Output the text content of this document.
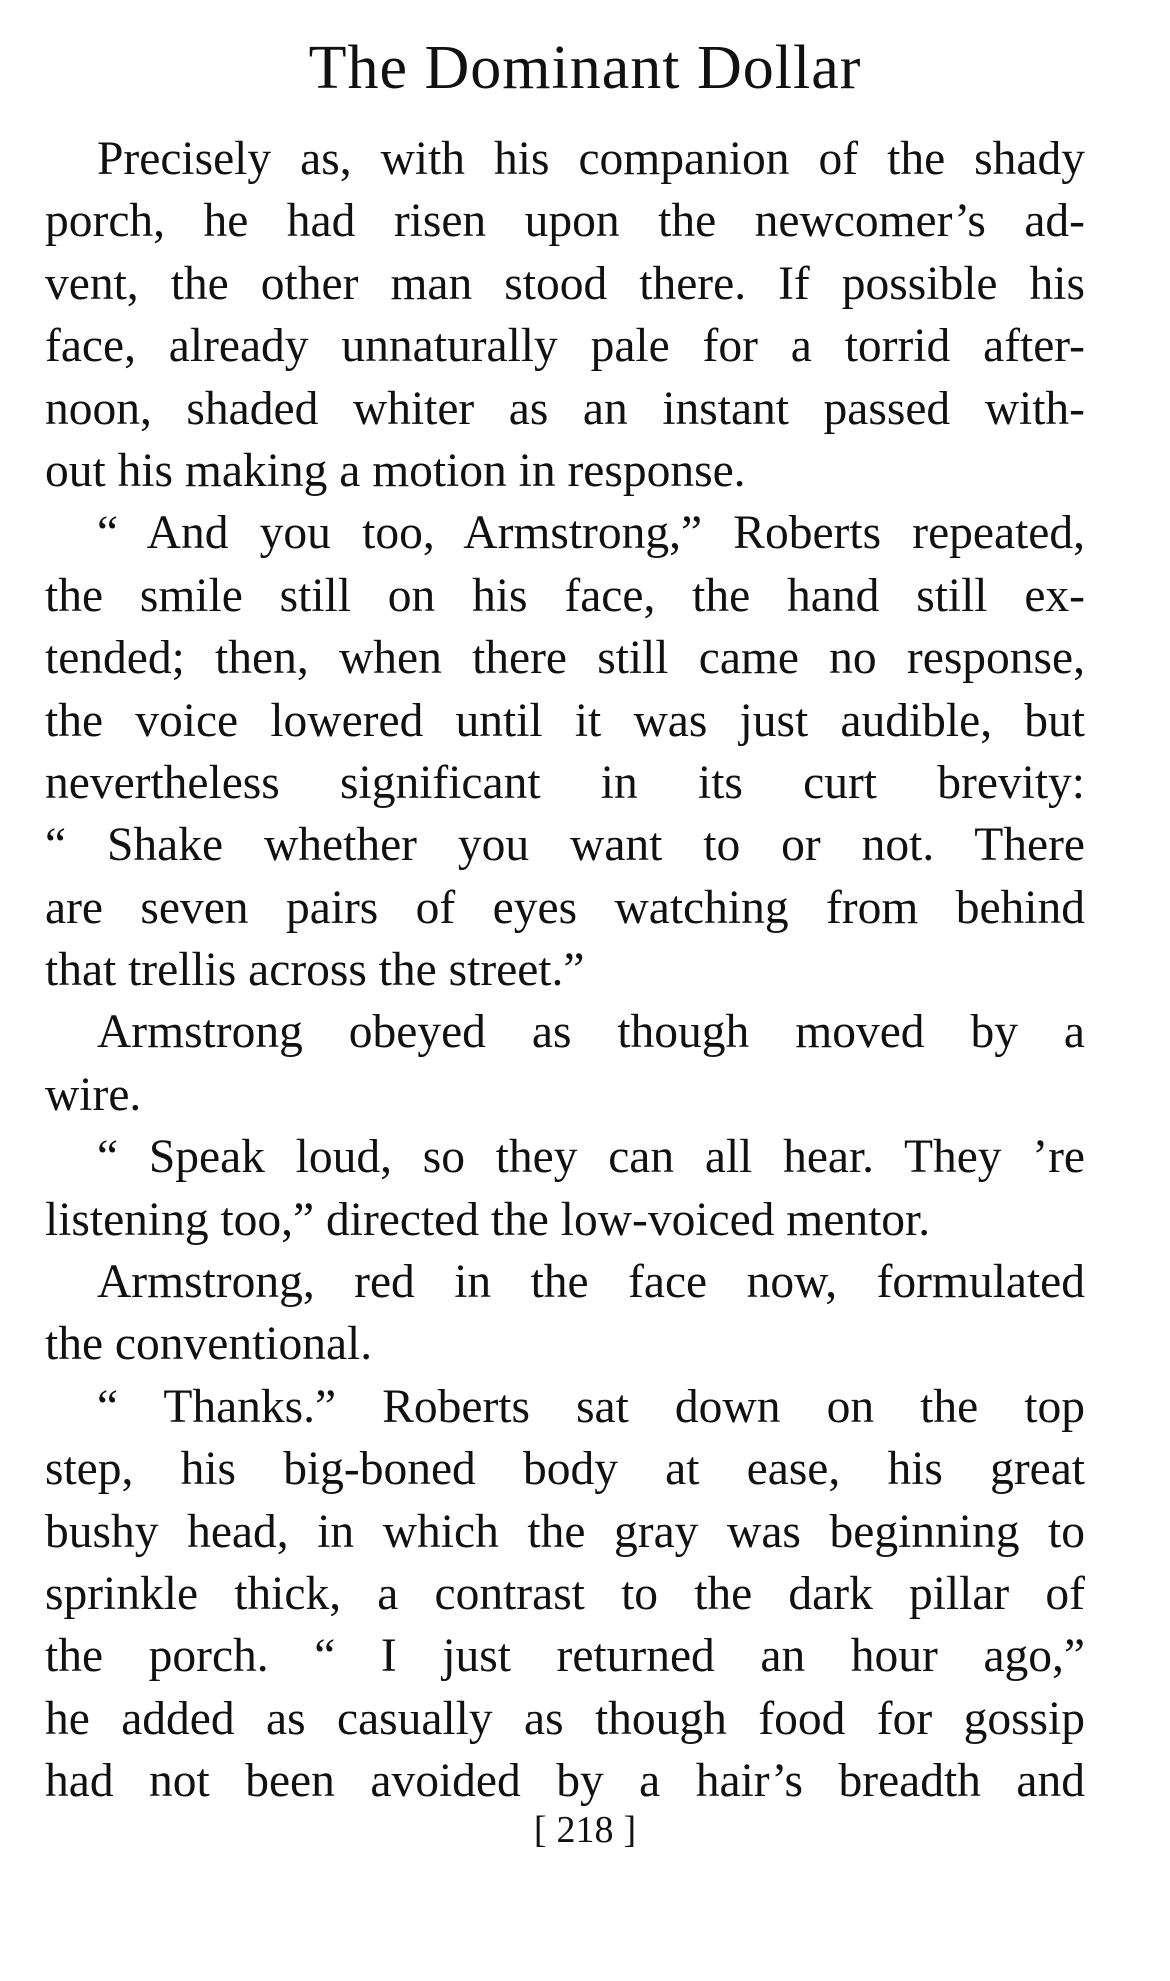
The Dominant Dollar
Precisely as, with his companion of the shady
porch, he had risen upon the newcomer’s ad-
vent, the other man stood there. If possible his
face, already unnaturally pale for a torrid after-
noon, shaded whiter as an instant passed with-
out his making a motion in response.
“ And you too, Armstrong,” Roberts repeated,
the smile still on his face, the hand still ex-
tended; then, when there still came no response,
the voice lowered until it was just audible, but
nevertheless significant in its curt brevity:
“ Shake whether you want to or not. There
are seven pairs of eyes watching from behind
that trellis across the street.”
Armstrong obeyed as though moved by a
wire.
“ Speak loud, so they can all hear. They ’re
listening too,” directed the low-voiced mentor.
Armstrong, red in the face now, formulated
the conventional.
“ Thanks.” Roberts sat down on the top
step, his big-boned body at ease, his great
bushy head, in which the gray was beginning to
sprinkle thick, a contrast to the dark pillar of
the porch. “ I just returned an hour ago,”
he added as casually as though food for gossip
had not been avoided by a hair’s breadth and
[ 218 ]
